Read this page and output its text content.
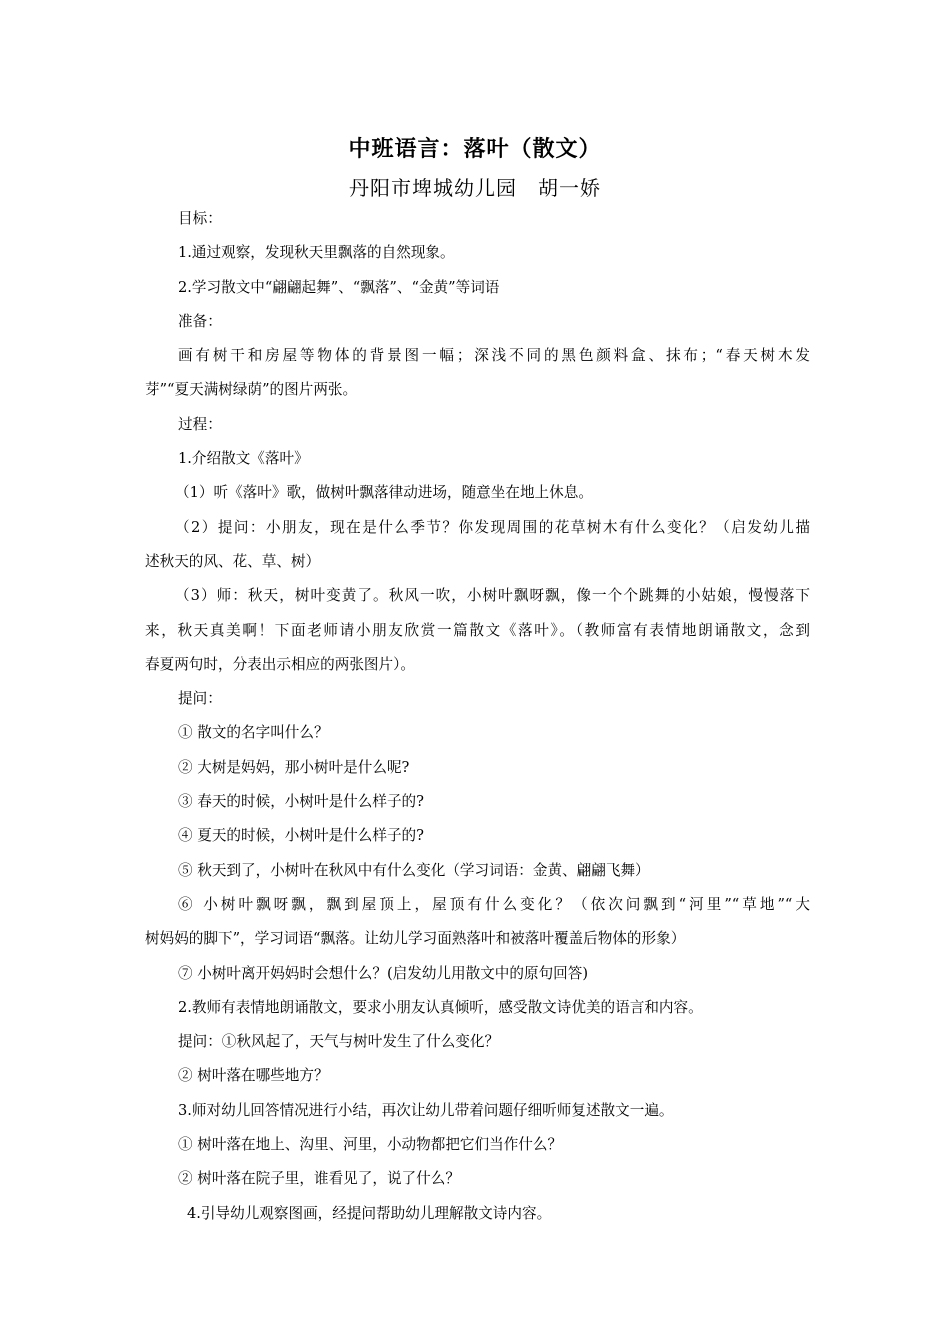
中班语言：落叶（散文）
丹阳市埤城幼儿园　胡一娇
目标：
1.通过观察，发现秋天里飘落的自然现象。
2.学习散文中“翩翩起舞”、“飘落”、“金黄”等词语
准备：
画有树干和房屋等物体的背景图一幅；深浅不同的黑色颜料盒、抹布；“春天树木发
芽”“夏天满树绿荫”的图片两张。
过程：
1.介绍散文《落叶》
（1）听《落叶》歌，做树叶飘落律动进场，随意坐在地上休息。
（2）提问：小朋友，现在是什么季节？你发现周围的花草树木有什么变化？（启发幼儿描
述秋天的风、花、草、树）
（3）师：秋天，树叶变黄了。秋风一吹，小树叶飘呀飘，像一个个跳舞的小姑娘，慢慢落下
来，秋天真美啊！下面老师请小朋友欣赏一篇散文《落叶》。（教师富有表情地朗诵散文，念到
春夏两句时，分表出示相应的两张图片）。
提问：
① 散文的名字叫什么？
② 大树是妈妈，那小树叶是什么呢?
③ 春天的时候，小树叶是什么样子的?
④ 夏天的时候，小树叶是什么样子的?
⑤ 秋天到了，小树叶在秋风中有什么变化（学习词语：金黄、翩翩飞舞）
⑥ 小树叶飘呀飘，飘到屋顶上，屋顶有什么变化？（依次问飘到“河里”“草地”“大
树妈妈的脚下”，学习词语“飘落。让幼儿学习面熟落叶和被落叶覆盖后物体的形象）
⑦ 小树叶离开妈妈时会想什么？(启发幼儿用散文中的原句回答)
2.教师有表情地朗诵散文，要求小朋友认真倾听，感受散文诗优美的语言和内容。
提问：①秋风起了，天气与树叶发生了什么变化？
② 树叶落在哪些地方？
3.师对幼儿回答情况进行小结，再次让幼儿带着问题仔细听师复述散文一遍。
① 树叶落在地上、沟里、河里，小动物都把它们当作什么？
② 树叶落在院子里，谁看见了，说了什么？
4.引导幼儿观察图画，经提问帮助幼儿理解散文诗内容。
